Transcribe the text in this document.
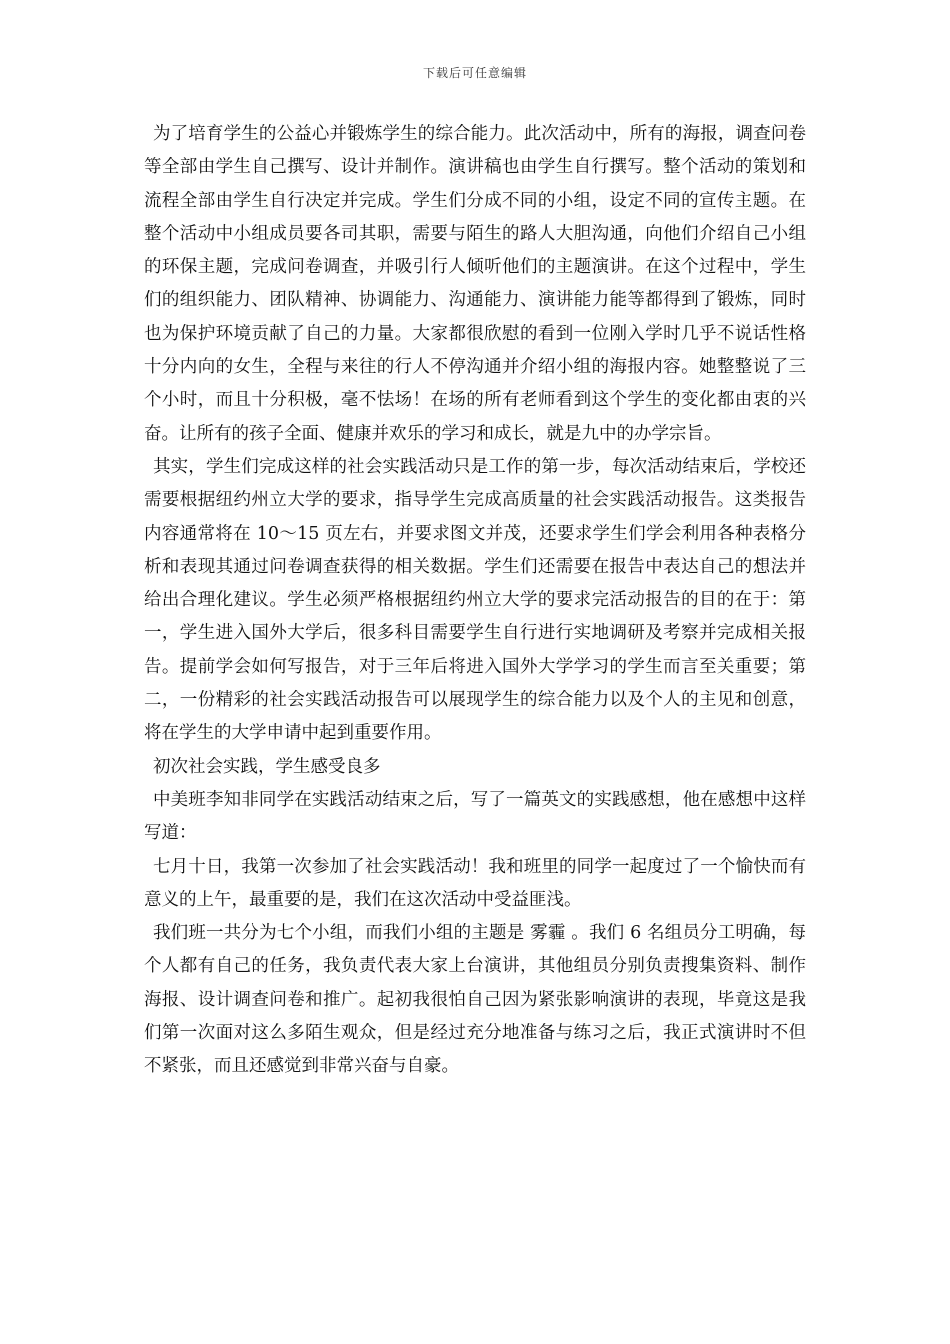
下载后可任意编辑

为了培育学生的公益心并锻炼学生的综合能力。此次活动中，所有的海报，调查问卷等全部由学生自己撰写、设计并制作。演讲稿也由学生自行撰写。整个活动的策划和流程全部由学生自行决定并完成。学生们分成不同的小组，设定不同的宣传主题。在整个活动中小组成员要各司其职，需要与陌生的路人大胆沟通，向他们介绍自己小组的环保主题，完成问卷调查，并吸引行人倾听他们的主题演讲。在这个过程中，学生们的组织能力、团队精神、协调能力、沟通能力、演讲能力能等都得到了锻炼，同时也为保护环境贡献了自己的力量。大家都很欣慰的看到一位刚入学时几乎不说话性格十分内向的女生，全程与来往的行人不停沟通并介绍小组的海报内容。她整整说了三个小时，而且十分积极，毫不怯场！在场的所有老师看到这个学生的变化都由衷的兴奋。让所有的孩子全面、健康并欢乐的学习和成长，就是九中的办学宗旨。

其实，学生们完成这样的社会实践活动只是工作的第一步，每次活动结束后，学校还需要根据纽约州立大学的要求，指导学生完成高质量的社会实践活动报告。这类报告内容通常将在 10～15 页左右，并要求图文并茂，还要求学生们学会利用各种表格分析和表现其通过问卷调查获得的相关数据。学生们还需要在报告中表达自己的想法并给出合理化建议。学生必须严格根据纽约州立大学的要求完活动报告的目的在于：第一，学生进入国外大学后，很多科目需要学生自行进行实地调研及考察并完成相关报告。提前学会如何写报告，对于三年后将进入国外大学学习的学生而言至关重要；第二，一份精彩的社会实践活动报告可以展现学生的综合能力以及个人的主见和创意，将在学生的大学申请中起到重要作用。

初次社会实践，学生感受良多

中美班李知非同学在实践活动结束之后，写了一篇英文的实践感想，他在感想中这样写道：

七月十日，我第一次参加了社会实践活动！我和班里的同学一起度过了一个愉快而有意义的上午，最重要的是，我们在这次活动中受益匪浅。

我们班一共分为七个小组，而我们小组的主题是 雾霾 。我们 6 名组员分工明确，每个人都有自己的任务，我负责代表大家上台演讲，其他组员分别负责搜集资料、制作海报、设计调查问卷和推广。起初我很怕自己因为紧张影响演讲的表现，毕竟这是我们第一次面对这么多陌生观众，但是经过充分地准备与练习之后，我正式演讲时不但不紧张，而且还感觉到非常兴奋与自豪。
